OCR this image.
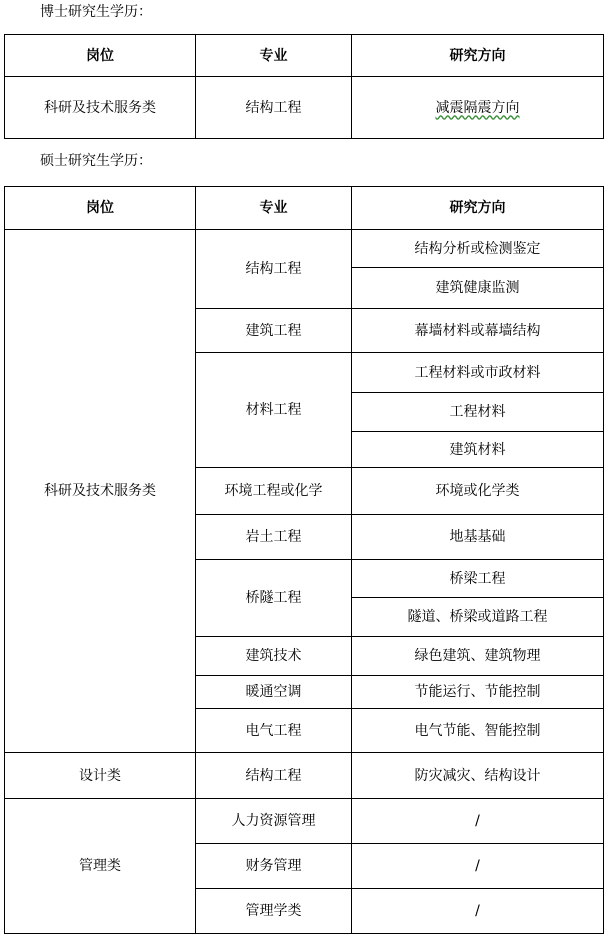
博士研究生学历：

岗位	专业	研究方向
科研及技术服务类	结构工程	减震隔震方向

硕士研究生学历：

岗位	专业	研究方向
科研及技术服务类	结构工程	结构分析或检测鉴定
		建筑健康监测
	建筑工程	幕墙材料或幕墙结构
	材料工程	工程材料或市政材料
		工程材料
		建筑材料
	环境工程或化学	环境或化学类
	岩土工程	地基基础
	桥隧工程	桥梁工程
		隧道、桥梁或道路工程
	建筑技术	绿色建筑、建筑物理
	暖通空调	节能运行、节能控制
	电气工程	电气节能、智能控制
设计类	结构工程	防灾减灾、结构设计
管理类	人力资源管理	/
	财务管理	/
	管理学类	/
